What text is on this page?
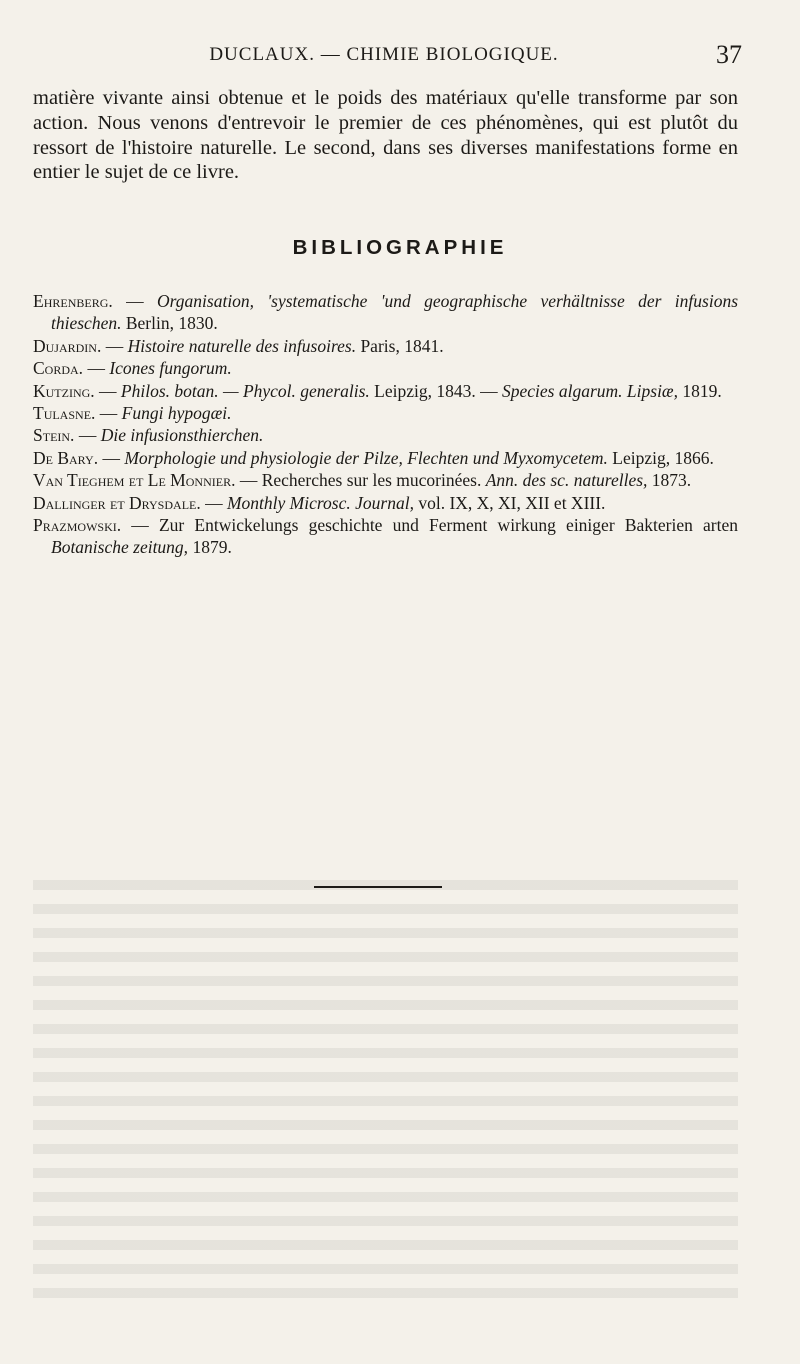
DUCLAUX. — CHIMIE BIOLOGIQUE.	37

matière vivante ainsi obtenue et le poids des matériaux qu'elle transforme par son action. Nous venons d'entrevoir le premier de ces phénomènes, qui est plutôt du ressort de l'histoire naturelle. Le second, dans ses diverses manifestations forme en entier le sujet de ce livre.

BIBLIOGRAPHIE

Ehrenberg. — Organisation, 'systematische 'und geographische verhältnisse der infusions thieschen. Berlin, 1830.

Dujardin. — Histoire naturelle des infusoires. Paris, 1841.

Corda. — Icones fungorum.

Kutzing. — Philos. botan. — Phycol. generalis. Leipzig, 1843. — Species algarum. Lipsiæ, 1819.

Tulasne. — Fungi hypogæi.

Stein. — Die infusionsthierchen.

De Bary. — Morphologie und physiologie der Pilze, Flechten und Myxomycetem. Leipzig, 1866.

Van Tieghem et Le Monnier. — Recherches sur les mucorinées. Ann. des sc. naturelles, 1873.

Dallinger et Drysdale. — Monthly Microsc. Journal, vol. IX, X, XI, XII et XIII.

Prazmowski. — Zur Entwickelungs geschichte und Ferment wirkung einiger Bakterien arten Botanische zeitung, 1879.
